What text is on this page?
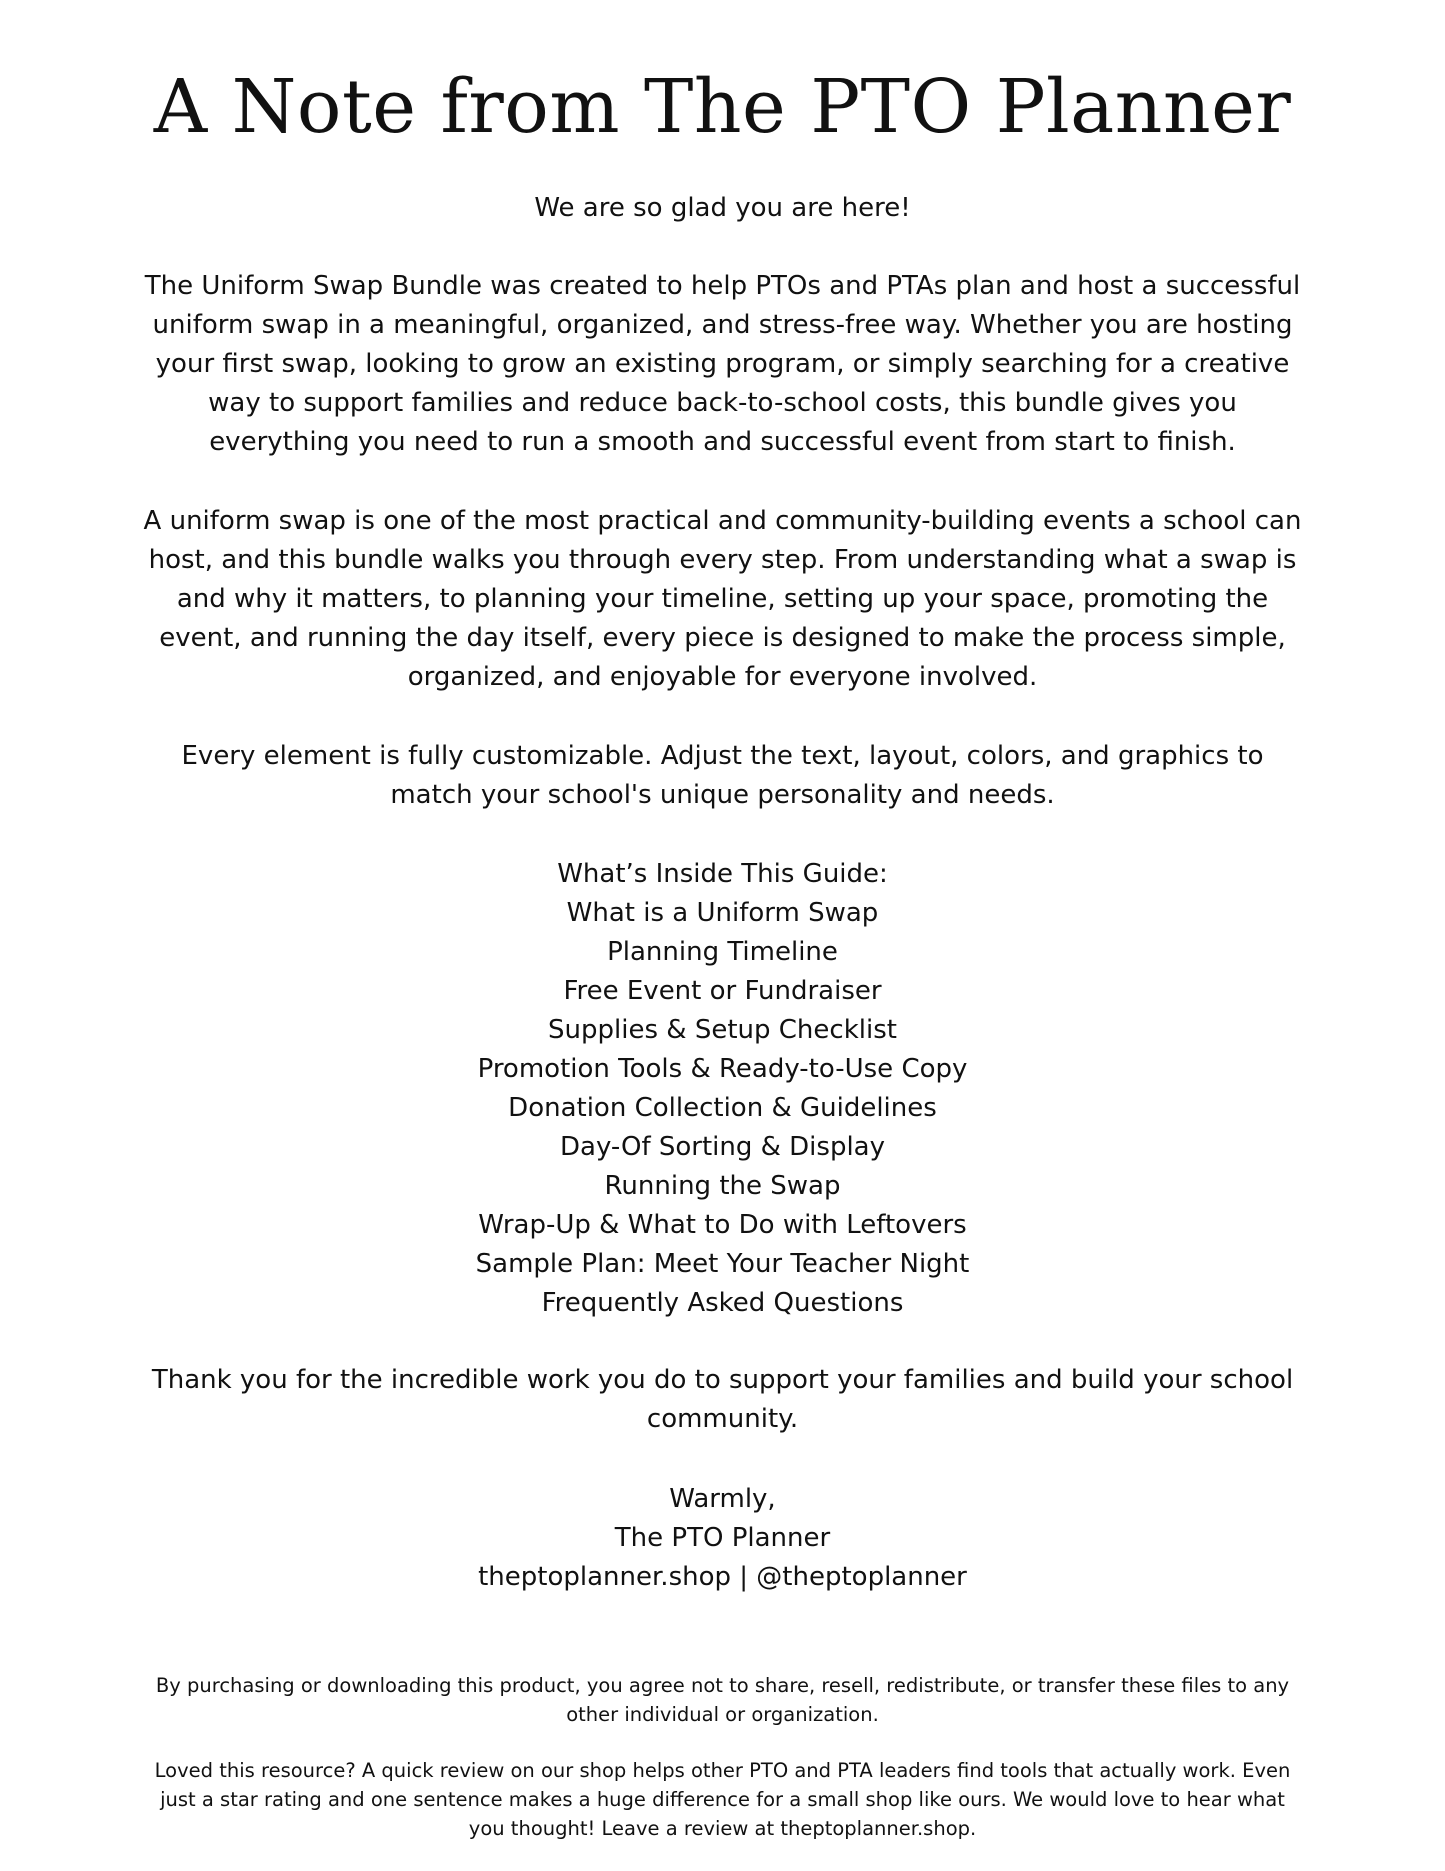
A Note from The PTO Planner

We are so glad you are here!

The Uniform Swap Bundle was created to help PTOs and PTAs plan and host a successful uniform swap in a meaningful, organized, and stress-free way. Whether you are hosting your first swap, looking to grow an existing program, or simply searching for a creative way to support families and reduce back-to-school costs, this bundle gives you everything you need to run a smooth and successful event from start to finish.

A uniform swap is one of the most practical and community-building events a school can host, and this bundle walks you through every step. From understanding what a swap is and why it matters, to planning your timeline, setting up your space, promoting the event, and running the day itself, every piece is designed to make the process simple, organized, and enjoyable for everyone involved.

Every element is fully customizable. Adjust the text, layout, colors, and graphics to match your school's unique personality and needs.

What’s Inside This Guide:
What is a Uniform Swap
Planning Timeline
Free Event or Fundraiser
Supplies & Setup Checklist
Promotion Tools & Ready-to-Use Copy
Donation Collection & Guidelines
Day-Of Sorting & Display
Running the Swap
Wrap-Up & What to Do with Leftovers
Sample Plan: Meet Your Teacher Night
Frequently Asked Questions

Thank you for the incredible work you do to support your families and build your school community.

Warmly,
The PTO Planner
theptoplanner.shop | @theptoplanner

By purchasing or downloading this product, you agree not to share, resell, redistribute, or transfer these files to any other individual or organization.

Loved this resource? A quick review on our shop helps other PTO and PTA leaders find tools that actually work. Even just a star rating and one sentence makes a huge difference for a small shop like ours. We would love to hear what you thought! Leave a review at theptoplanner.shop.
